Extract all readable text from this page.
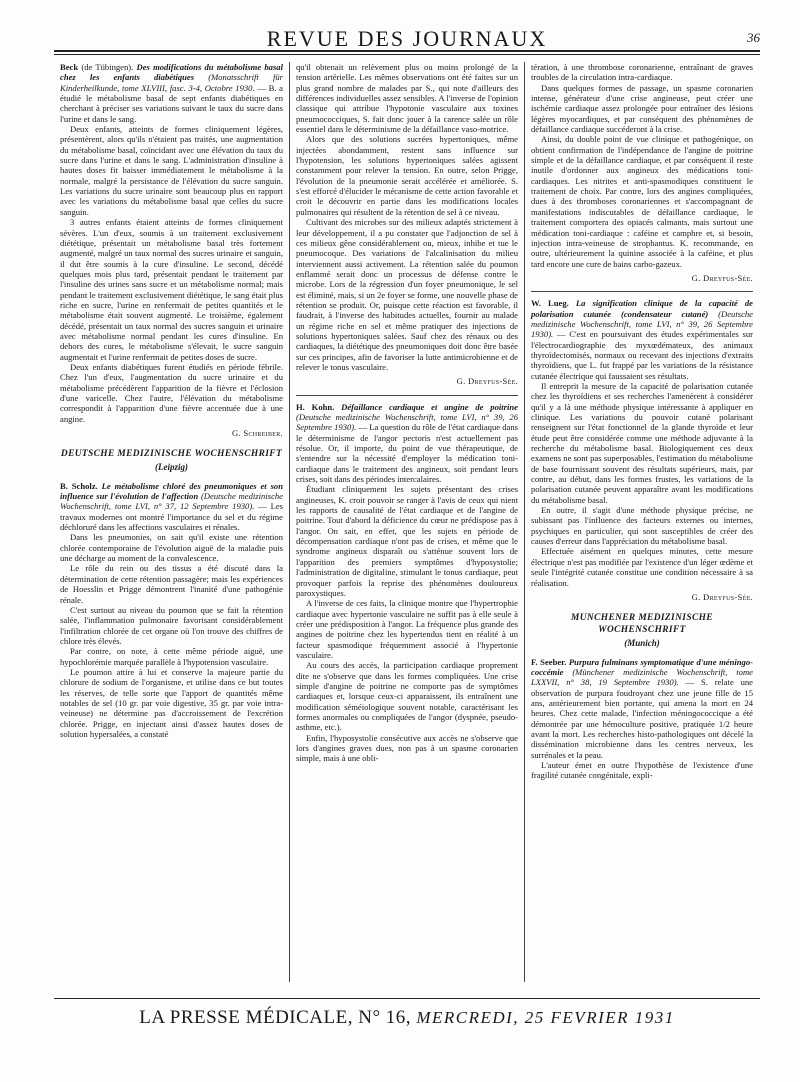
REVUE DES JOURNAUX	36

Beck (de Tübingen). Des modifications du métabolisme basal chez les enfants diabétiques (Monatsschrift für Kinderheilkunde, tome XLVIII, fasc. 3-4, Octobre 1930. — B. a étudié le métabolisme basal de sept enfants diabétiques en cherchant à préciser ses variations suivant le taux du sucre dans l'urine et dans le sang.

Deux enfants, atteints de formes cliniquement légères, présentèrent, alors qu'ils n'étaient pas traités, une augmentation du métabolisme basal, coïncidant avec une élévation du taux du sucre dans l'urine et dans le sang. L'administration d'insuline à hautes doses fit baisser immédiatement le métabolisme à la normale, malgré la persistance de l'élévation du sucre sanguin. Les variations du sucre urinaire sont beaucoup plus en rapport avec les variations du métabolisme basal que celles du sucre sanguin.

3 autres enfants étaient atteints de formes cliniquement sévères. L'un d'eux, soumis à un traitement exclusivement diététique, présentait un métabolisme basal très fortement augmenté, malgré un taux normal des sucres urinaire et sanguin, il dut être soumis à la cure d'insuline. Le second, décédé quelques mois plus tard, présentait pendant le traitement par l'insuline des urines sans sucre et un métabolisme normal; mais pendant le traitement exclusivement diététique, le sang était plus riche en sucre, l'urine en renfermait de petites quantités et le métabolisme était souvent augmenté. Le troisième, également décédé, présentait un taux normal des sucres sanguin et urinaire avec métabolisme normal pendant les cures d'insuline. En dehors des cures, le métabolisme s'élevait, le sucre sanguin augmentait et l'urine renfermait de petites doses de sucre.

Deux enfants diabétiques furent étudiés en période fébrile. Chez l'un d'eux, l'augmentation du sucre urinaire et du métabolisme précédèrent l'apparition de la fièvre et l'éclosion d'une varicelle. Chez l'autre, l'élévation du métabolisme correspondit à l'apparition d'une fièvre accentuée due à une angine.

G. Schreiber.
DEUTSCHE MEDIZINISCHE WOCHENSCHRIFT
(Leipzig)

B. Scholz. Le métabolisme chloré des pneumoniques et son influence sur l'évolution de l'affection (Deutsche medizinische Wochenschrift, tome LVI, n° 37, 12 Septembre 1930). — Les travaux modernes ont montré l'importance du sel et du régime déchloruré dans les affections vasculaires et rénales.

Dans les pneumonies, on sait qu'il existe une rétention chlorée contemporaine de l'évolution aiguë de la maladie puis une décharge au moment de la convalescence.

Le rôle du rein ou des tissus a été discuté dans la détermination de cette rétention passagère; mais les expériences de Hoesslin et Prigge démontrent l'inanité d'une pathogénie rénale.

C'est surtout au niveau du poumon que se fait la rétention salée, l'inflammation pulmonaire favorisant considérablement l'infiltration chlorée de cet organe où l'on trouve des chiffres de chlore très élevés.

Par contre, on note, à cette même période aiguë, une hypochlorémie marquée parallèle à l'hypotension vasculaire.

Le poumon attire à lui et conserve la majeure partie du chlorure de sodium de l'organisme, et utilise dans ce but toutes les réserves, de telle sorte que l'apport de quantités même notables de sel (10 gr. par voie digestive, 35 gr. par voie intra-veineuse) ne détermine pas d'accroissement de l'excrétion chlorée. Prigge, en injectant ainsi d'assez hautes doses de solution hypersalées, a constaté

qu'il obtenait un relèvement plus ou moins prolongé de la tension artérielle. Les mêmes observations ont été faites sur un plus grand nombre de malades par S., qui note d'ailleurs des différences individuelles assez sensibles. A l'inverse de l'opinion classique qui attribue l'hypotonie vasculaire aux toxines pneumococciques, S. fait donc jouer à la carence salée un rôle essentiel dans le déterminisme de la défaillance vaso-motrice.

Alors que des solutions sucrées hypertoniques, même injectées abondamment, restent sans influence sur l'hypotension, les solutions hypertoniques salées agissent constamment pour relever la tension. En outre, selon Prigge, l'évolution de la pneumonie serait accélérée et améliorée. S. s'est efforcé d'élucider le mécanisme de cette action favorable et croit le découvrir en partie dans les modifications locales pulmonaires qui résultent de la rétention de sel à ce niveau.

Cultivant des microbes sur des milieux adaptés strictement à leur développement, il a pu constater que l'adjonction de sel à ces milieux gêne considérablement ou, mieux, inhibe et tue le pneumocoque. Des variations de l'alcalinisation du milieu interviennent aussi activement. La rétention salée du poumon enflammé serait donc un processus de défense contre le microbe. Lors de la régression d'un foyer pneumonique, le sel est éliminé, mais, si un 2e foyer se forme, une nouvelle phase de rétention se produit. Or, puisque cette réaction est favorable, il faudrait, à l'inverse des habitudes actuelles, fournir au malade un régime riche en sel et même pratiquer des injections de solutions hypertoniques salées. Sauf chez des rénaux ou des cardiaques, la diététique des pneumoniques doit donc être basée sur ces principes, afin de favoriser la lutte antimicrobienne et de relever le tonus vasculaire.

G. Dreyfus-Sée.

H. Kohn. Défaillance cardiaque et angine de poitrine (Deutsche medizinische Wochenschrift, tome LVI, n° 39, 26 Septembre 1930). — La question du rôle de l'état cardiaque dans le déterminisme de l'angor pectoris n'est actuellement pas résolue. Or, il importe, du point de vue thérapeutique, de s'entendre sur la nécessité d'employer la médication toni-cardiaque dans le traitement des angineux, soit pendant leurs crises, soit dans des périodes intercalaires.

Étudiant cliniquement les sujets présentant des crises angineuses, K. croit pouvoir se ranger à l'avis de ceux qui nient les rapports de causalité de l'état cardiaque et de l'angine de poitrine. Tout d'abord la déficience du cœur ne prédispose pas à l'angor. On sait, en effet, que les sujets en période de décompensation cardiaque n'ont pas de crises, et même que le syndrome angineux disparaît ou s'atténue souvent lors de l'apparition des premiers symptômes d'hyposystolie; l'administration de digitaline, stimulant le tonus cardiaque, peut provoquer parfois la reprise des phénomènes douloureux paroxystiques.

A l'inverse de ces faits, la clinique montre que l'hypertrophie cardiaque avec hypertonie vasculaire ne suffit pas à elle seule à créer une prédisposition à l'angor. La fréquence plus grande des angines de poitrine chez les hypertendus tient en réalité à un facteur spasmodique fréquemment associé à l'hypertonie vasculaire.

Au cours des accès, la participation cardiaque proprement dite ne s'observe que dans les formes compliquées. Une crise simple d'angine de poitrine ne comporte pas de symptômes cardiaques et, lorsque ceux-ci apparaissent, ils entraînent une modification séméiologique souvent notable, caractérisant les formes anormales ou compliquées de l'angor (dyspnée, pseudo-asthme, etc.).

Enfin, l'hyposystolie consécutive aux accès ne s'observe que lors d'angines graves dues, non pas à un spasme coronarien simple, mais à une obli-

tération, à une thrombose coronarienne, entraînant de graves troubles de la circulation intra-cardiaque.

Dans quelques formes de passage, un spasme coronarien intense, générateur d'une crise angineuse, peut créer une ischémie cardiaque assez prolongée pour entraîner des lésions légères myocardiques, et par conséquent des phénomènes de défaillance cardiaque succéderont à la crise.

Ainsi, du double point de vue clinique et pathogénique, on obtient confirmation de l'indépendance de l'angine de poitrine simple et de la défaillance cardiaque, et par conséquent il reste inutile d'ordonner aux angineux des médications toni-cardiaques. Les nitrites et anti-spasmodiques constituent le traitement de choix. Par contre, lors des angines compliquées, dues à des thromboses coronariennes et s'accompagnant de manifestations indiscutables de défaillance cardiaque, le traitement comportera des opiacés calmants, mais surtout une médication toni-cardiaque : caféine et camphre et, si besoin, injection intra-veineuse de strophantus. K. recommande, en outre, ultérieurement la quinine associée à la caféine, et plus tard encore une cure de bains carbo-gazeux.

G. Dreyfus-Sée.

W. Lueg. La signification clinique de la capacité de polarisation cutanée (condensateur cutané) (Deutsche medizinische Wochenschrift, tome LVI, n° 39, 26 Septembre 1930). — C'est en poursuivant des études expérimentales sur l'électrocardiographie des myxœdémateux, des animaux thyroïdectomisés, normaux ou recevant des injections d'extraits thyroïdiens, que L. fut frappé par les variations de la résistance cutanée électrique qui faussaient ses résultats.

Il entreprit la mesure de la capacité de polarisation cutanée chez les thyroïdiens et ses recherches l'amenèrent à considérer qu'il y a là une méthode physique intéressante à appliquer en clinique. Les variations du pouvoir cutané polarisant renseignent sur l'état fonctionnel de la glande thyroïde et leur étude peut être considérée comme une méthode adjuvante à la recherche du métabolisme basal. Biologiquement ces deux examens ne sont pas superposables, l'estimation du métabolisme de base fournissant souvent des résultats supérieurs, mais, par contre, au début, dans les formes frustes, les variations de la polarisation cutanée peuvent apparaître avant les modifications du métabolisme basal.

En outre, il s'agit d'une méthode physique précise, ne subissant pas l'influence des facteurs externes ou internes, psychiques en particulier, qui sont susceptibles de créer des causes d'erreur dans l'appréciation du métabolisme basal.

Effectuée aisément en quelques minutes, cette mesure électrique n'est pas modifiée par l'existence d'un léger œdème et seule l'intégrité cutanée constitue une condition nécessaire à sa réalisation.

G. Dreyfus-Sée.
MUNCHENER MEDIZINISCHE WOCHENSCHRIFT
(Munich)

F. Seeber. Purpura fulminans symptomatique d'une méningo-coccémie (Münchener medizinische Wochenschrift, tome LXXVII, n° 38, 19 Septembre 1930). — S. relate une observation de purpura foudroyant chez une jeune fille de 15 ans, antérieurement bien portante, qui amena la mort en 24 heures. Chez cette malade, l'infection méningococcique a été démontrée par une hémoculture positive, pratiquée 1/2 heure avant la mort. Les recherches histo-pathologiques ont décelé la dissémination microbienne dans les centres nerveux, les surrénales et la peau.

L'auteur émet en outre l'hypothèse de l'existence d'une fragilité cutanée congénitale, expli-

LA PRESSE MÉDICALE, N° 16, MERCREDI, 25 FEVRIER 1931
